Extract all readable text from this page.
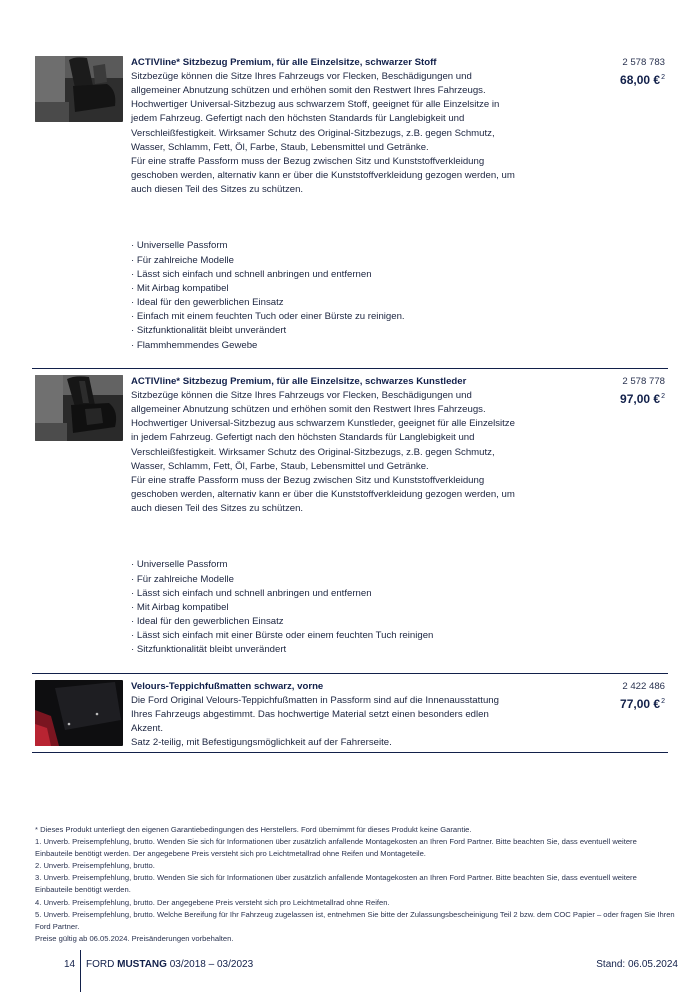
ACTIVline* Sitzbezug Premium, für alle Einzelsitze, schwarzer Stoff

Sitzbezüge können die Sitze Ihres Fahrzeugs vor Flecken, Beschädigungen und

allgemeiner Abnutzung schützen und erhöhen somit den Restwert Ihres Fahrzeugs.

Hochwertiger Universal-Sitzbezug aus schwarzem Stoff, geeignet für alle Einzelsitze in

jedem Fahrzeug. Gefertigt nach den höchsten Standards für Langlebigkeit und

Verschleißfestigkeit. Wirksamer Schutz des Original-Sitzbezugs, z.B. gegen Schmutz,

Wasser, Schlamm, Fett, Öl, Farbe, Staub, Lebensmittel und Getränke.

Für eine straffe Passform muss der Bezug zwischen Sitz und Kunststoffverkleidung

geschoben werden, alternativ kann er über die Kunststoffverkleidung gezogen werden, um

auch diesen Teil des Sitzes zu schützen.

· Universelle Passform
· Für zahlreiche Modelle
· Lässt sich einfach und schnell anbringen und entfernen
· Mit Airbag kompatibel
· Ideal für den gewerblichen Einsatz
· Einfach mit einem feuchten Tuch oder einer Bürste zu reinigen.
· Sitzfunktionalität bleibt unverändert
· Flammhemmendes Gewebe
2 578 783
68,00 €$^2$
ACTIVline* Sitzbezug Premium, für alle Einzelsitze, schwarzes Kunstleder

Sitzbezüge können die Sitze Ihres Fahrzeugs vor Flecken, Beschädigungen und

allgemeiner Abnutzung schützen und erhöhen somit den Restwert Ihres Fahrzeugs.

Hochwertiger Universal-Sitzbezug aus schwarzem Kunstleder, geeignet für alle Einzelsitze

in jedem Fahrzeug. Gefertigt nach den höchsten Standards für Langlebigkeit und

Verschleißfestigkeit. Wirksamer Schutz des Original-Sitzbezugs, z.B. gegen Schmutz,

Wasser, Schlamm, Fett, Öl, Farbe, Staub, Lebensmittel und Getränke.

Für eine straffe Passform muss der Bezug zwischen Sitz und Kunststoffverkleidung

geschoben werden, alternativ kann er über die Kunststoffverkleidung gezogen werden, um

auch diesen Teil des Sitzes zu schützen.

· Universelle Passform
· Für zahlreiche Modelle
· Lässt sich einfach und schnell anbringen und entfernen
· Mit Airbag kompatibel
· Ideal für den gewerblichen Einsatz
· Lässt sich einfach mit einer Bürste oder einem feuchten Tuch reinigen
· Sitzfunktionalität bleibt unverändert
2 578 778
97,00 €$^2$
Velours-Teppichfußmatten schwarz, vorne

Die Ford Original Velours-Teppichfußmatten in Passform sind auf die Innenausstattung

Ihres Fahrzeugs abgestimmt. Das hochwertige Material setzt einen besonders edlen

Akzent.

Satz 2-teilig, mit Befestigungsmöglichkeit auf der Fahrerseite.

2 422 486
77,00 €$^2$

* Dieses Produkt unterliegt den eigenen Garantiebedingungen des Herstellers. Ford übernimmt für dieses Produkt keine Garantie.

1. Unverb. Preisempfehlung, brutto. Wenden Sie sich für Informationen über zusätzlich anfallende Montagekosten an Ihren Ford Partner. Bitte beachten Sie, dass eventuell weitere Einbauteile benötigt werden. Der angegebene Preis versteht sich pro Leichtmetallrad ohne Reifen und Montageteile.

2. Unverb. Preisempfehlung, brutto.

3. Unverb. Preisempfehlung, brutto. Wenden Sie sich für Informationen über zusätzlich anfallende Montagekosten an Ihren Ford Partner. Bitte beachten Sie, dass eventuell weitere Einbauteile benötigt werden.

4. Unverb. Preisempfehlung, brutto. Der angegebene Preis versteht sich pro Leichtmetallrad ohne Reifen.

5. Unverb. Preisempfehlung, brutto. Welche Bereifung für Ihr Fahrzeug zugelassen ist, entnehmen Sie bitte der Zulassungsbescheinigung Teil 2 bzw. dem COC Papier – oder fragen Sie Ihren Ford Partner.

Preise gültig ab 06.05.2024. Preisänderungen vorbehalten.

14 FORD MUSTANG 03/2018 – 03/2023	Stand: 06.05.2024
